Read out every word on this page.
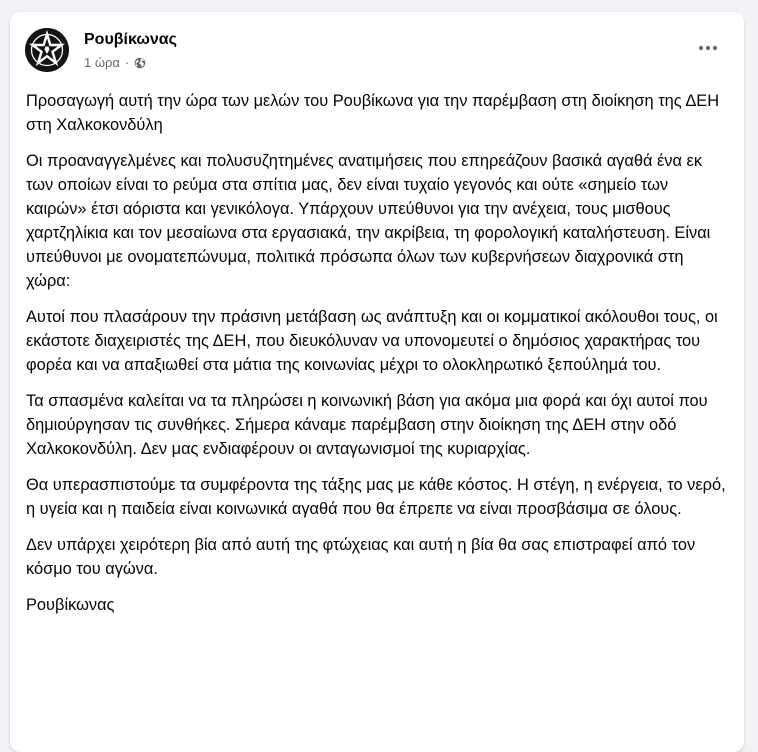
Ρουβίκωνας
1 ώρα ·

Προσαγωγή αυτή την ώρα των μελών του Ρουβίκωνα για την παρέμβαση στη διοίκηση της ΔΕΗ στη Χαλκοκονδύλη

Οι προαναγγελμένες και πολυσυζητημένες ανατιμήσεις που επηρεάζουν βασικά αγαθά ένα εκ των οποίων είναι το ρεύμα στα σπίτια μας, δεν είναι τυχαίο γεγονός και ούτε «σημείο των καιρών» έτσι αόριστα και γενικόλογα. Υπάρχουν υπεύθυνοι για την ανέχεια, τους μισθους χαρτζηλίκια και τον μεσαίωνα στα εργασιακά, την ακρίβεια, τη φορολογική καταλήστευση. Είναι υπεύθυνοι με ονοματεπώνυμα, πολιτικά πρόσωπα όλων των κυβερνήσεων διαχρονικά στη χώρα:

Αυτοί που πλασάρουν την πράσινη μετάβαση ως ανάπτυξη και οι κομματικοί ακόλουθοι τους, οι εκάστοτε διαχειριστές της ΔΕΗ, που διευκόλυναν να υπονομευτεί ο δημόσιος χαρακτήρας του φορέα και να απαξιωθεί στα μάτια της κοινωνίας μέχρι το ολοκληρωτικό ξεπούλημά του.

Τα σπασμένα καλείται να τα πληρώσει η κοινωνική βάση για ακόμα μια φορά και όχι αυτοί που δημιούργησαν τις συνθήκες. Σήμερα κάναμε παρέμβαση στην διοίκηση της ΔΕΗ στην οδό Χαλκοκονδύλη. Δεν μας ενδιαφέρουν οι ανταγωνισμοί της κυριαρχίας.

Θα υπερασπιστούμε τα συμφέροντα της τάξης μας με κάθε κόστος. Η στέγη, η ενέργεια, το νερό, η υγεία και η παιδεία είναι κοινωνικά αγαθά που θα έπρεπε να είναι προσβάσιμα σε όλους.

Δεν υπάρχει χειρότερη βία από αυτή της φτώχειας και αυτή η βία θα σας επιστραφεί από τον κόσμο του αγώνα.

Ρουβίκωνας
